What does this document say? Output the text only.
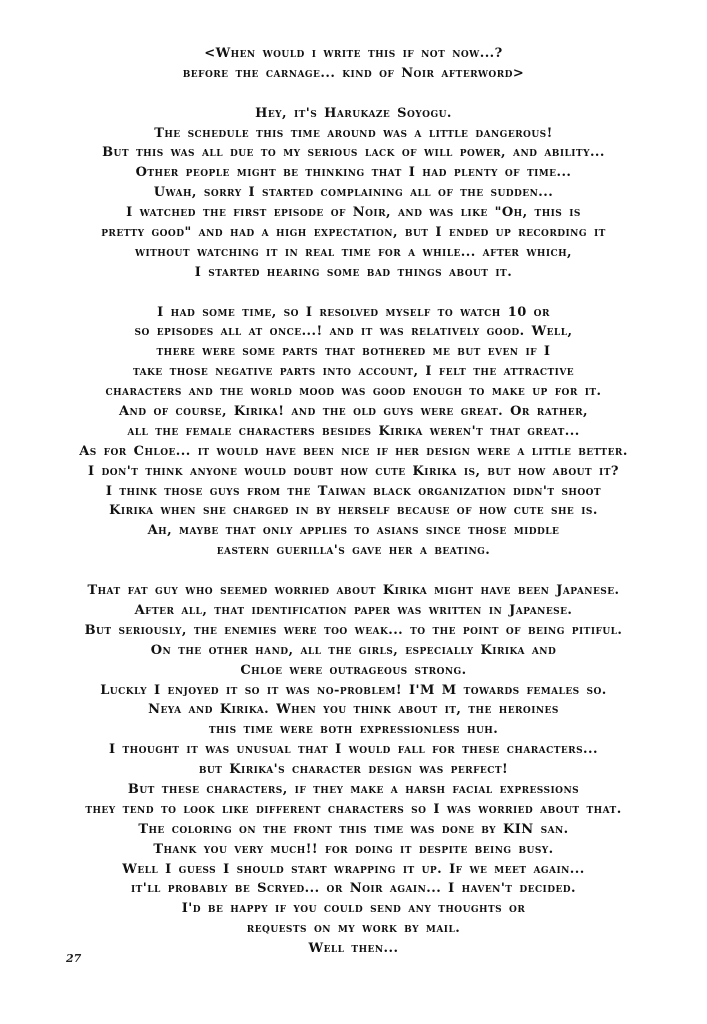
<When would i write this if not now...?
before the carnage... kind of Noir afterword>
Hey, it's Harukaze Soyogu.
The schedule this time around was a little dangerous!
But this was all due to my serious lack of will power, and ability...
Other people might be thinking that I had plenty of time...
Uwah, sorry I started complaining all of the sudden...
I watched the first episode of Noir, and was like "Oh, this is
pretty good" and had a high expectation, but I ended up recording it
without watching it in real time for a while... after which,
I started hearing some bad things about it.
I had some time, so I resolved myself to watch 10 or
so episodes all at once...! and it was relatively good. Well,
there were some parts that bothered me but even if I
take those negative parts into account, I felt the attractive
characters and the world mood was good enough to make up for it.
And of course, Kirika! and the old guys were great. Or rather,
all the female characters besides Kirika weren't that great...
As for Chloe... it would have been nice if her design were a little better.
I don't think anyone would doubt how cute Kirika is, but how about it?
I think those guys from the Taiwan black organization didn't shoot
Kirika when she charged in by herself because of how cute she is.
Ah, maybe that only applies to asians since those middle
eastern guerilla's gave her a beating.
That fat guy who seemed worried about Kirika might have been Japanese.
After all, that identification paper was written in Japanese.
But seriously, the enemies were too weak... to the point of being pitiful.
On the other hand, all the girls, especially Kirika and
Chloe were outrageous strong.
Luckly I enjoyed it so it was no-problem! I'M M towards females so.
Neya and Kirika. When you think about it, the heroines
this time were both expressionless huh.
I thought it was unusual that I would fall for these characters...
but Kirika's character design was perfect!
But these characters, if they make a harsh facial expressions
they tend to look like different characters so I was worried about that.
The coloring on the front this time was done by KIN san.
Thank you very much!! for doing it despite being busy.
Well I guess I should start wrapping it up. If we meet again...
it'll probably be Scryed... or Noir again... I haven't decided.
I'd be happy if you could send any thoughts or
requests on my work by mail.
Well then...
27
